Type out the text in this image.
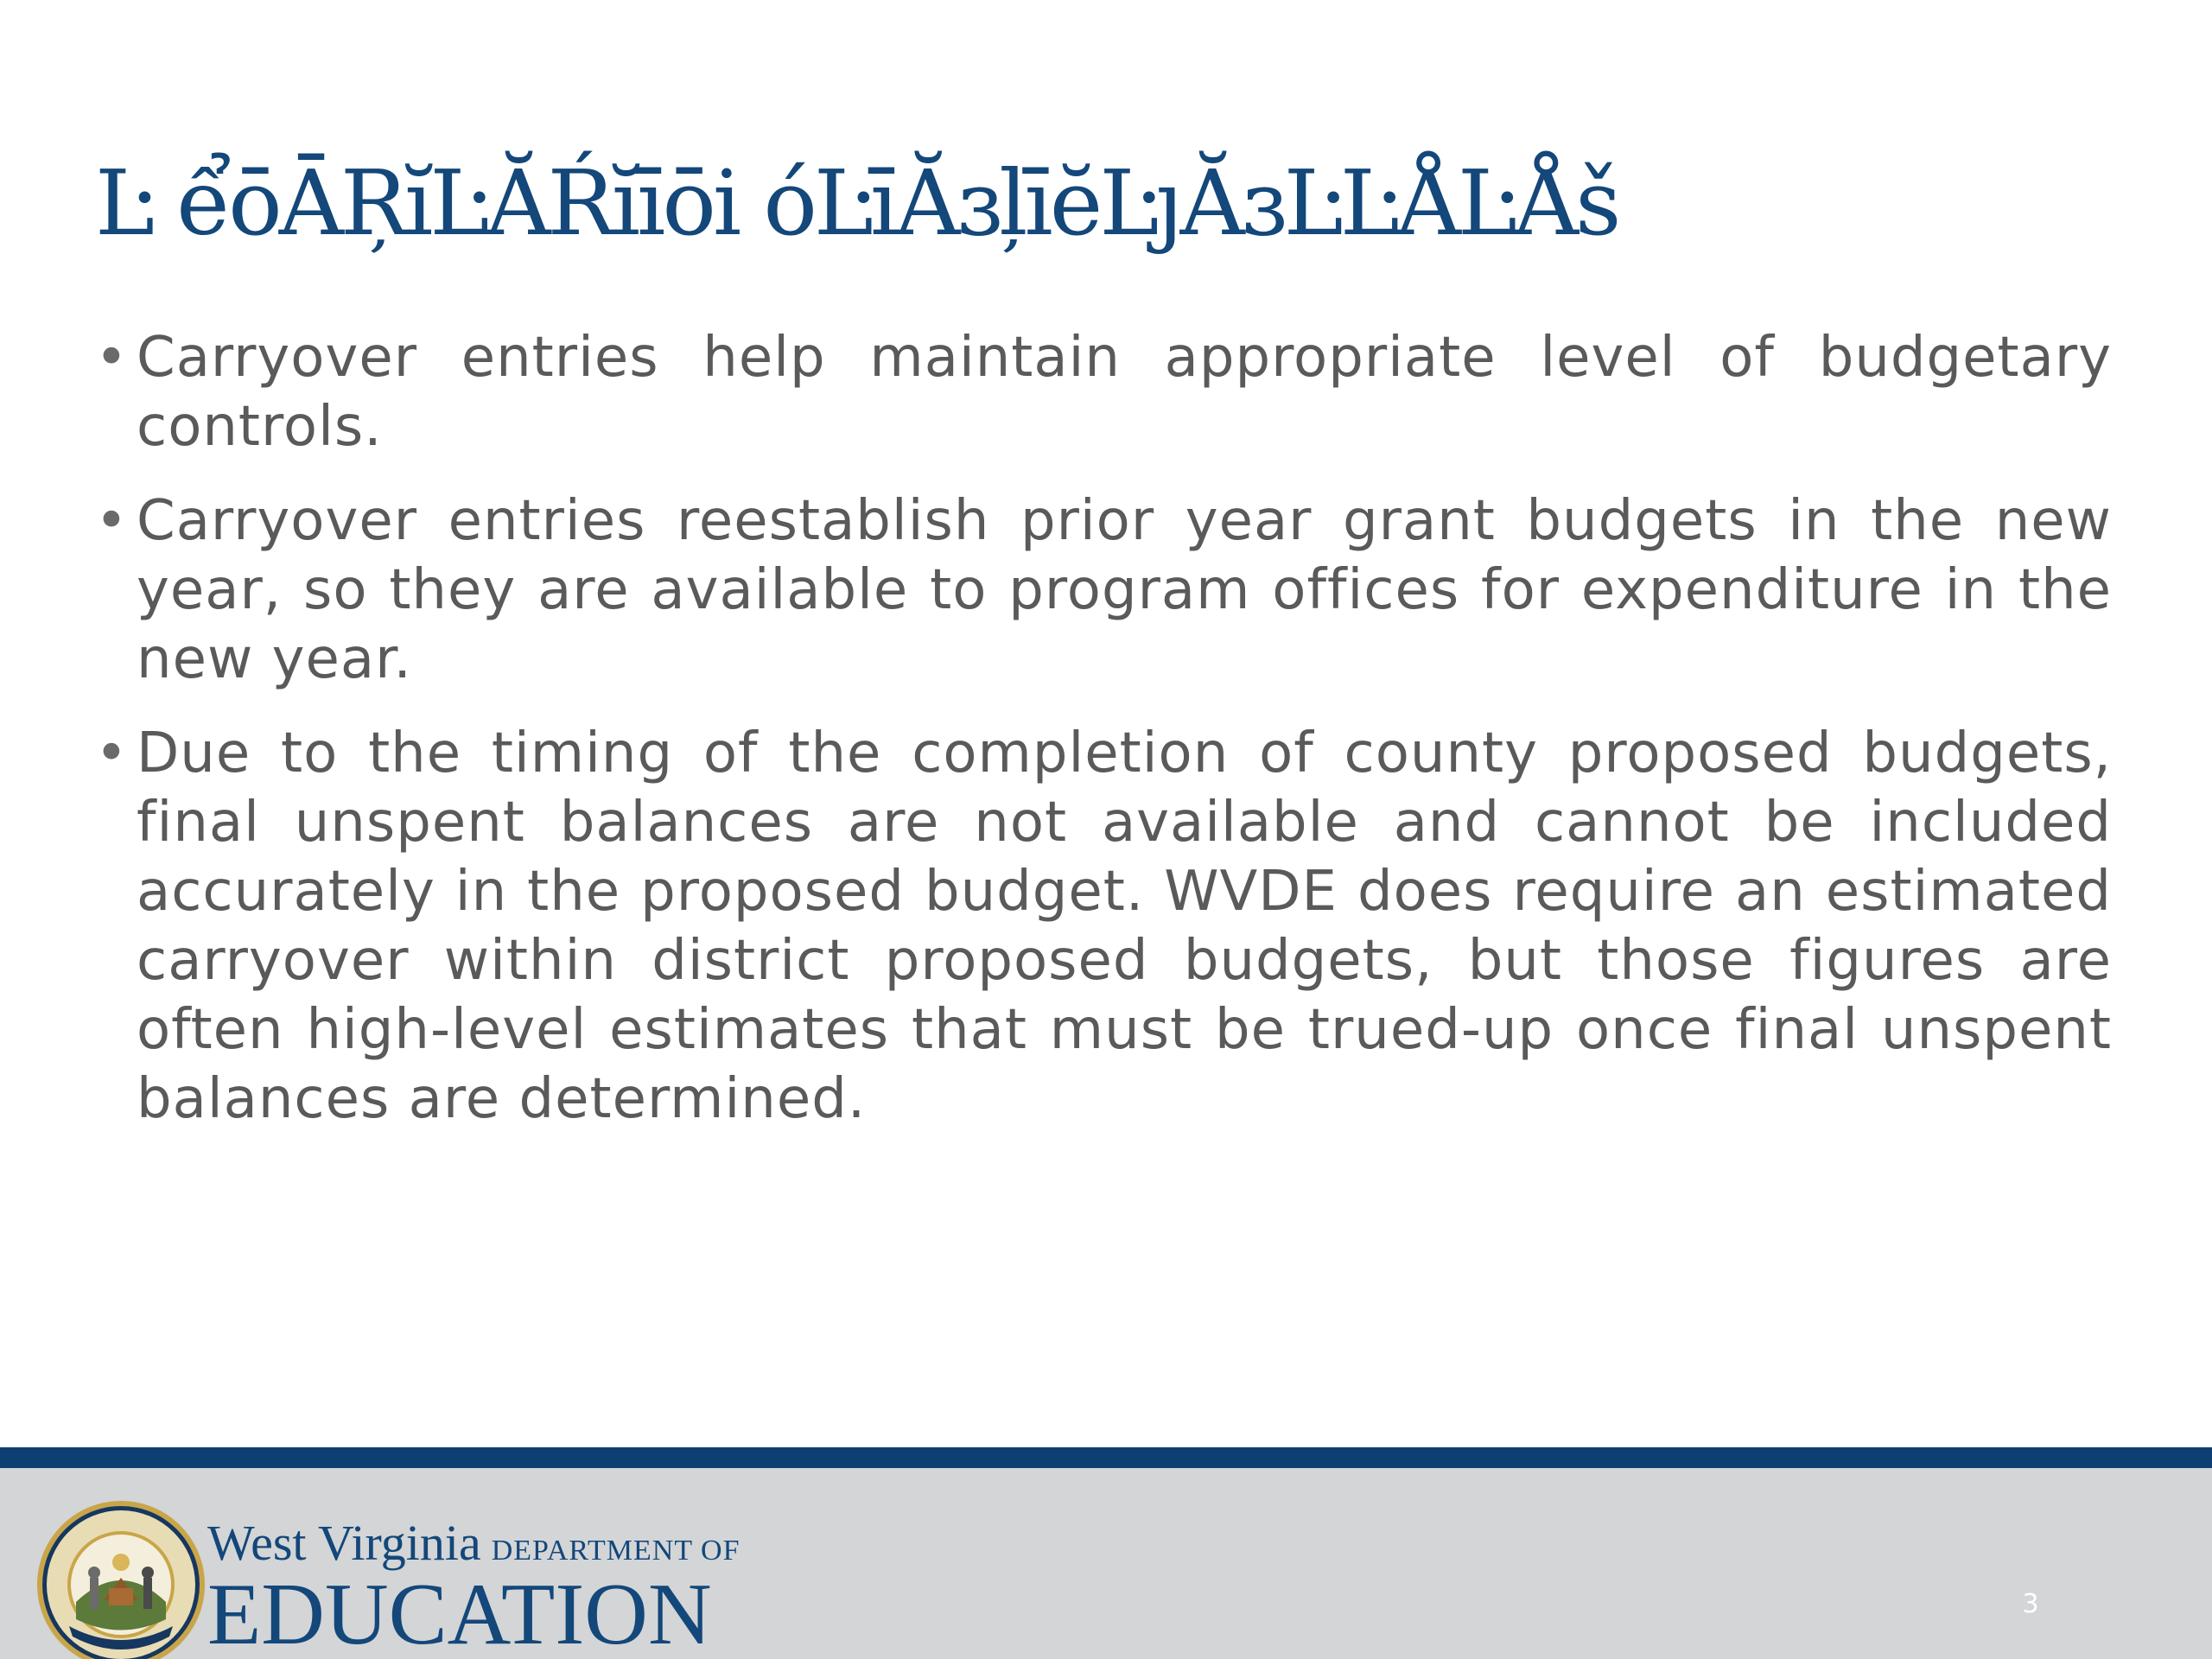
Ŀ ểōĀŖĭĿĂŔĭīōi óĿīĂɜļīĕĿȷĂɜĿĿÅĿÅš
• Carryover entries help maintain appropriate level of budgetary controls.
• Carryover entries reestablish prior year grant budgets in the new year, so they are available to program offices for expenditure in the new year.
• Due to the timing of the completion of county proposed budgets, final unspent balances are not available and cannot be included accurately in the proposed budget. WVDE does require an estimated carryover within district proposed budgets, but those figures are often high-level estimates that must be trued-up once final unspent balances are determined.
West Virginia DEPARTMENT OF
EDUCATION	3
